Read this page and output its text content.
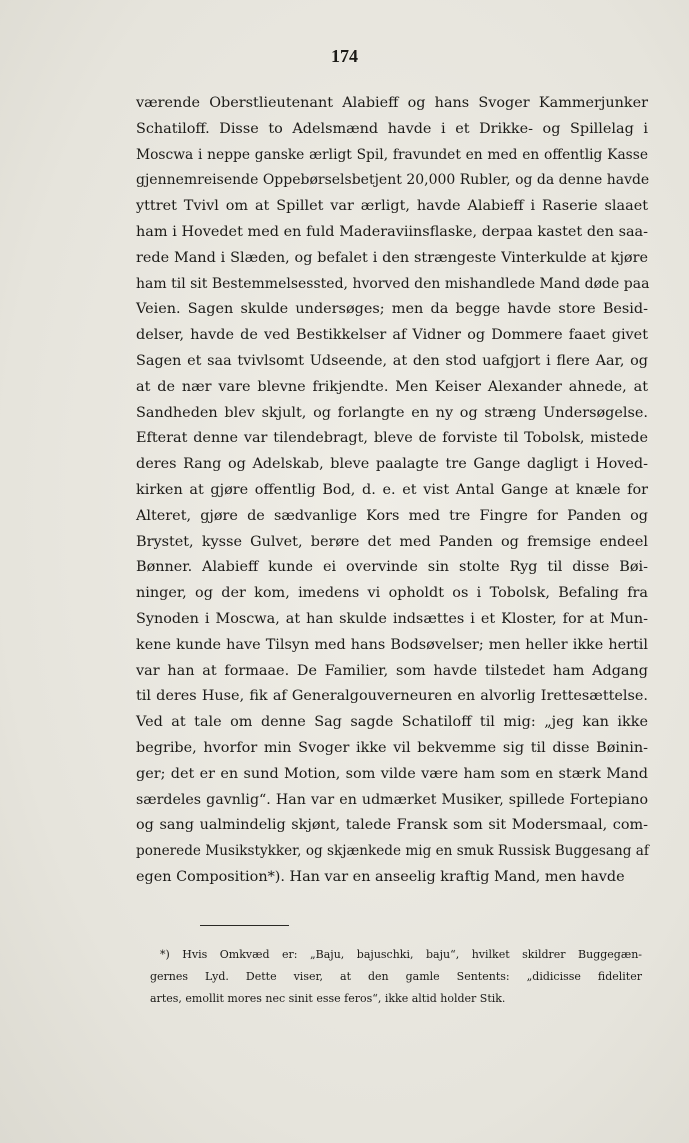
174
værende Oberstlieutenant Alabieff og hans Svoger Kammerjunker
Schatiloff. Disse to Adelsmænd havde i et Drikke- og Spillelag i
Moscwa i neppe ganske ærligt Spil, fravundet en med en offentlig Kasse
gjennemreisende Oppebørselsbetjent 20,000 Rubler, og da denne havde
yttret Tvivl om at Spillet var ærligt, havde Alabieff i Raserie slaaet
ham i Hovedet med en fuld Maderaviinsflaske, derpaa kastet den saa-
rede Mand i Slæden, og befalet i den strængeste Vinterkulde at kjøre
ham til sit Bestemmelsessted, hvorved den mishandlede Mand døde paa
Veien. Sagen skulde undersøges; men da begge havde store Besid-
delser, havde de ved Bestikkelser af Vidner og Dommere faaet givet
Sagen et saa tvivlsomt Udseende, at den stod uafgjort i flere Aar, og
at de nær vare blevne frikjendte. Men Keiser Alexander ahnede, at
Sandheden blev skjult, og forlangte en ny og stræng Undersøgelse.
Efterat denne var tilendebragt, bleve de forviste til Tobolsk, mistede
deres Rang og Adelskab, bleve paalagte tre Gange dagligt i Hoved-
kirken at gjøre offentlig Bod, d. e. et vist Antal Gange at knæle for
Alteret, gjøre de sædvanlige Kors med tre Fingre for Panden og
Brystet, kysse Gulvet, berøre det med Panden og fremsige endeel
Bønner. Alabieff kunde ei overvinde sin stolte Ryg til disse Bøi-
ninger, og der kom, imedens vi opholdt os i Tobolsk, Befaling fra
Synoden i Moscwa, at han skulde indsættes i et Kloster, for at Mun-
kene kunde have Tilsyn med hans Bodsøvelser; men heller ikke hertil
var han at formaae. De Familier, som havde tilstedet ham Adgang
til deres Huse, fik af Generalgouverneuren en alvorlig Irettesættelse.
Ved at tale om denne Sag sagde Schatiloff til mig: „jeg kan ikke
begribe, hvorfor min Svoger ikke vil bekvemme sig til disse Bøinin-
ger; det er en sund Motion, som vilde være ham som en stærk Mand
særdeles gavnlig“. Han var en udmærket Musiker, spillede Fortepiano
og sang ualmindelig skjønt, talede Fransk som sit Modersmaal, com-
ponerede Musikstykker, og skjænkede mig en smuk Russisk Buggesang af
egen Composition*). Han var en anseelig kraftig Mand, men havde
*) Hvis Omkvæd er: „Baju, bajuschki, baju“, hvilket skildrer Buggegæn-
gernes Lyd. Dette viser, at den gamle Sentents: „didicisse fideliter
artes, emollit mores nec sinit esse feros“, ikke altid holder Stik.
